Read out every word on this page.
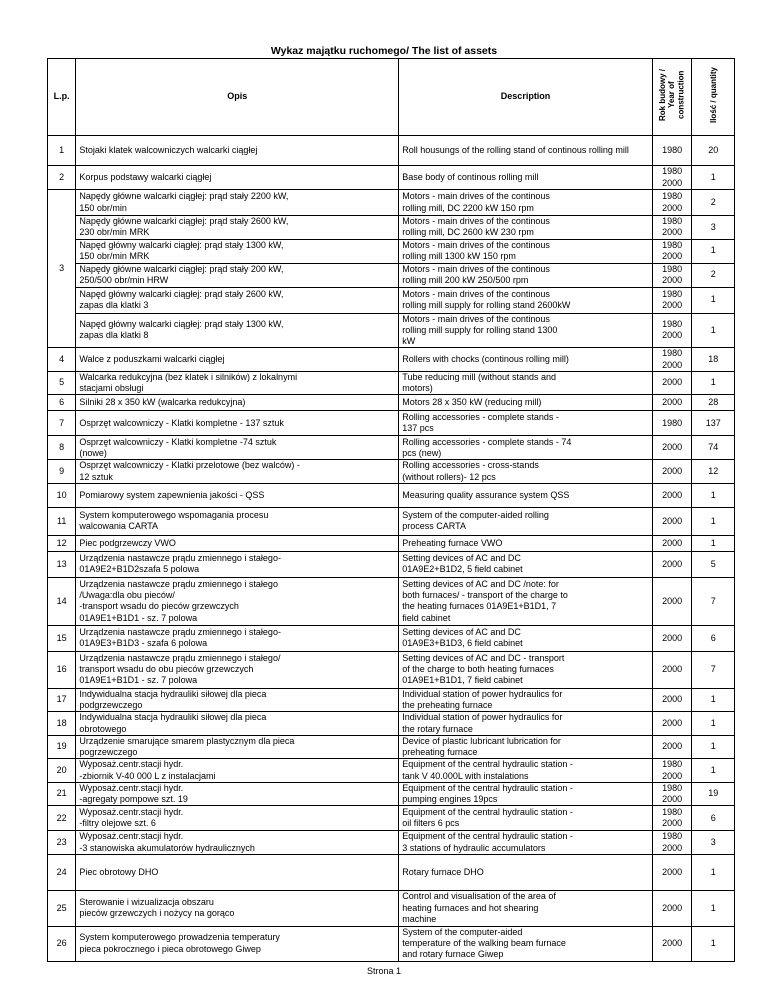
Wykaz majątku ruchomego/ The list of assets
L.p.	Opis	Description	Rok budowy /
Year of
construction	Ilość / quantity
1	Stojaki klatek walcowniczych walcarki ciągłej	Roll housungs of the rolling stand of continous rolling mill	1980	20
2	Korpus podstawy walcarki ciągłej	Base body of continous rolling mill	1980
2000	1
3	Napędy główne walcarki ciągłej: prąd stały 2200 kW,
150 obr/min	Motors - main drives of the continous
rolling mill, DC 2200 kW 150 rpm	1980
2000	2
	Napędy główne walcarki ciągłej: prąd stały 2600 kW,
230 obr/min MRK	Motors - main drives of the continous
rolling mill, DC 2600 kW 230 rpm	1980
2000	3
	Napęd główny walcarki ciągłej: prąd stały 1300 kW,
150 obr/min MRK	Motors - main drives of the continous
rolling mill 1300 kW 150 rpm	1980
2000	1
	Napędy główne walcarki ciągłej: prąd stały 200 kW,
250/500 obr/min HRW	Motors - main drives of the continous
rolling mill 200 kW 250/500 rpm	1980
2000	2
	Napęd główny walcarki ciągłej: prąd stały 2600 kW,
zapas dla klatki 3	Motors - main drives of the continous
rolling mill supply for rolling stand 2600kW	1980
2000	1
	Napęd główny walcarki ciągłej: prąd stały 1300 kW,
zapas dla klatki 8	Motors - main drives of the continous
rolling mill supply for rolling stand 1300
kW	1980
2000	1
4	Walce z poduszkami walcarki ciągłej	Rollers with chocks (continous rolling mill)	1980
2000	18
5	Walcarka redukcyjna (bez klatek i silników) z lokalnymi
stacjami obsługi	Tube reducing mill (without stands and
motors)	2000	1
6	Silniki 28 x 350 kW (walcarka redukcyjna)	Motors 28 x 350 kW (reducing mill)	2000	28
7	Osprzęt walcowniczy - Klatki kompletne - 137 sztuk	Rolling accessories - complete stands -
137 pcs	1980	137
8	Osprzęt walcowniczy - Klatki kompletne -74 sztuk
(nowe)	Rolling accessories - complete stands - 74
pcs (new)	2000	74
9	Osprzęt walcowniczy - Klatki przelotowe (bez walców) -
12 sztuk	Rolling accessories - cross-stands
(without rollers)- 12 pcs	2000	12
10	Pomiarowy system zapewnienia jakości - QSS	Measuring quality assurance system QSS	2000	1
11	System komputerowego wspomagania procesu
walcowania CARTA	System of the computer-aided rolling
process CARTA	2000	1
12	Piec podgrzewczy VWO	Preheating furnace VWO	2000	1
13	Urządzenia nastawcze prądu zmiennego i stałego-
01A9E2+B1D2szafa 5 polowa	Setting devices of AC and DC
01A9E2+B1D2, 5 field cabinet	2000	5
14	Urządzenia nastawcze prądu zmiennego i stałego
/Uwaga:dla obu pieców/
-transport wsadu do pieców grzewczych
01A9E1+B1D1 - sz. 7 polowa	Setting devices of AC and DC /note: for
both furnaces/ - transport of the charge to
the heating furnaces 01A9E1+B1D1, 7
field cabinet	2000	7
15	Urządzenia nastawcze prądu zmiennego i stałego-
01A9E3+B1D3 - szafa 6 polowa	Setting devices of AC and DC
01A9E3+B1D3, 6 field cabinet	2000	6
16	Urządzenia nastawcze prądu zmiennego i stałego/
transport wsadu do obu pieców grzewczych
01A9E1+B1D1 - sz. 7 polowa	Setting devices of AC and DC - transport
of the charge to both heating furnaces
01A9E1+B1D1, 7 field cabinet	2000	7
17	Indywidualna stacja hydrauliki siłowej dla pieca
podgrzewczego	Individual station of power hydraulics for
the preheating furnace	2000	1
18	Indywidualna stacja hydrauliki siłowej dla pieca
obrotowego	Individual station of power hydraulics for
the rotary furnace	2000	1
19	Urządzenie smarujące smarem plastycznym dla pieca
pogrzewczego	Device of plastic lubricant lubrication for
preheating furnace	2000	1
20	Wyposaż.centr.stacji hydr.
-zbiornik V-40 000 L z instalacjami	Equipment of the central hydraulic station -
tank V 40.000L with instalations	1980
2000	1
21	Wyposaż.centr.stacji hydr.
-agregaty pompowe szt. 19	Equipment of the central hydraulic station -
pumping engines 19pcs	1980
2000	19
22	Wyposaż.centr.stacji hydr.
-filtry olejowe szt. 6	Equipment of the central hydraulic station -
oil filters 6 pcs	1980
2000	6
23	Wyposaż.centr.stacji hydr.
-3 stanowiska akumulatorów hydraulicznych	Equipment of the central hydraulic station -
3 stations of hydraulic accumulators	1980
2000	3
24	Piec obrotowy DHO	Rotary furnace DHO	2000	1
25	Sterowanie i wizualizacja obszaru
pieców grzewczych i nożycy na gorąco	Control and visualisation of the area of
heating furnaces and hot shearing
machine	2000	1
26	System komputerowego prowadzenia temperatury
pieca pokrocznego i pieca obrotowego Giwep	System of the computer-aided
temperature of the walking beam furnace
and rotary furnace Giwep	2000	1
Strona 1
